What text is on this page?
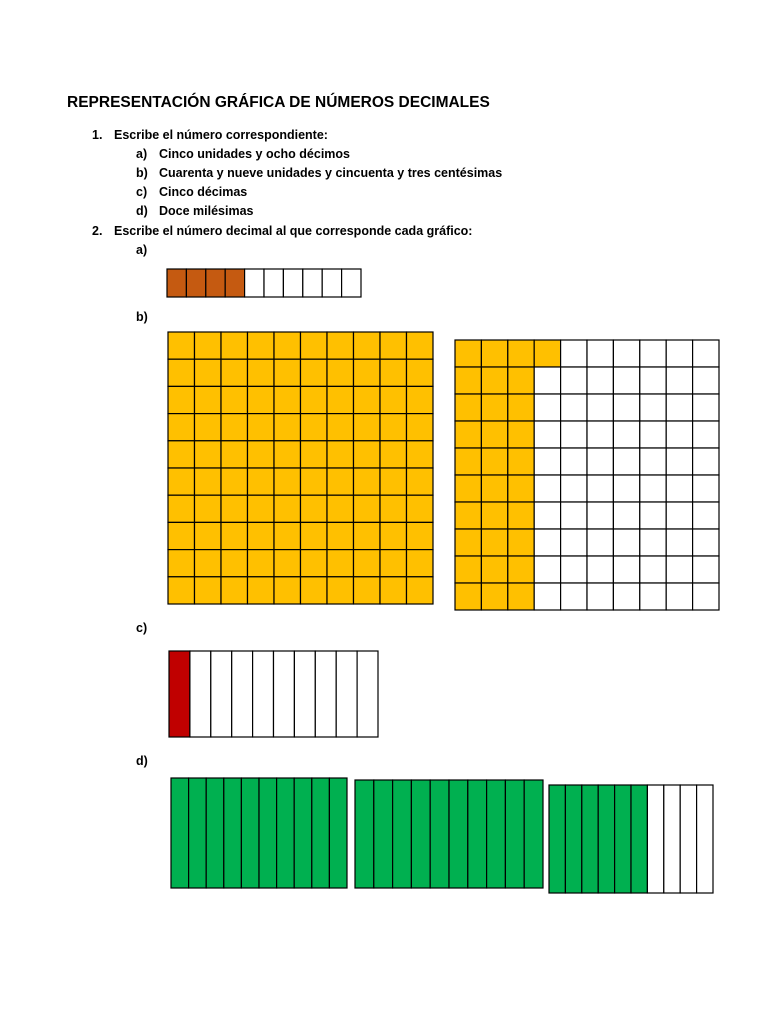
REPRESENTACIÓN GRÁFICA DE NÚMEROS DECIMALES
1. Escribe el número correspondiente:
a) Cinco unidades y ocho décimos
b) Cuarenta y nueve unidades y cincuenta y tres centésimas
c) Cinco décimas
d) Doce milésimas
2. Escribe el número decimal al que corresponde cada gráfico:
a)
b)
c)
d)
